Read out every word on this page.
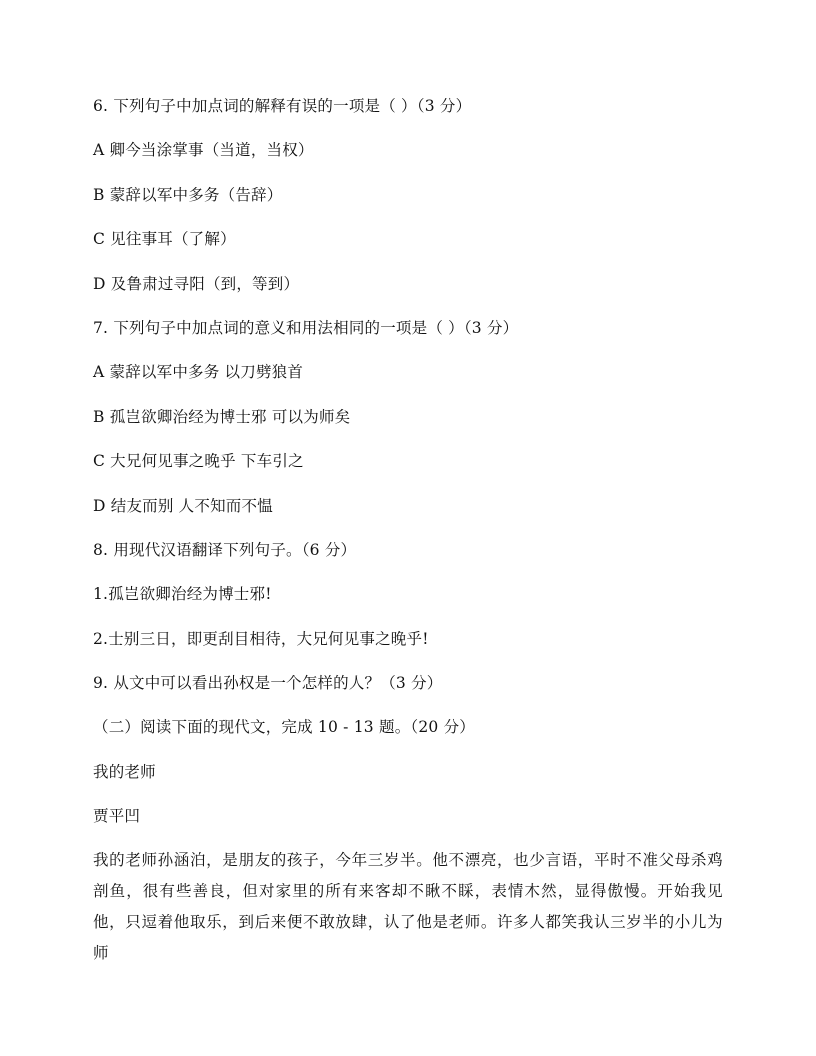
6. 下列句子中加点词的解释有误的一项是（ ）（3 分）
A 卿今当涂掌事（当道，当权）
B 蒙辞以军中多务（告辞）
C 见往事耳（了解）
D 及鲁肃过寻阳（到，等到）
7. 下列句子中加点词的意义和用法相同的一项是（ ）（3 分）
A 蒙辞以军中多务 以刀劈狼首
B 孤岂欲卿治经为博士邪 可以为师矣
C 大兄何见事之晚乎 下车引之
D 结友而别 人不知而不愠
8. 用现代汉语翻译下列句子。（6 分）
1.孤岂欲卿治经为博士邪!
2.士别三日，即更刮目相待，大兄何见事之晚乎!
9. 从文中可以看出孙权是一个怎样的人？（3 分）
（二）阅读下面的现代文，完成 10 - 13 题。（20 分）
我的老师
贾平凹
我的老师孙涵泊，是朋友的孩子，今年三岁半。他不漂亮，也少言语，平时不准父母杀鸡剖鱼，很有些善良，但对家里的所有来客却不瞅不睬，表情木然，显得傲慢。开始我见他，只逗着他取乐，到后来便不敢放肆，认了他是老师。许多人都笑我认三岁半的小儿为师
